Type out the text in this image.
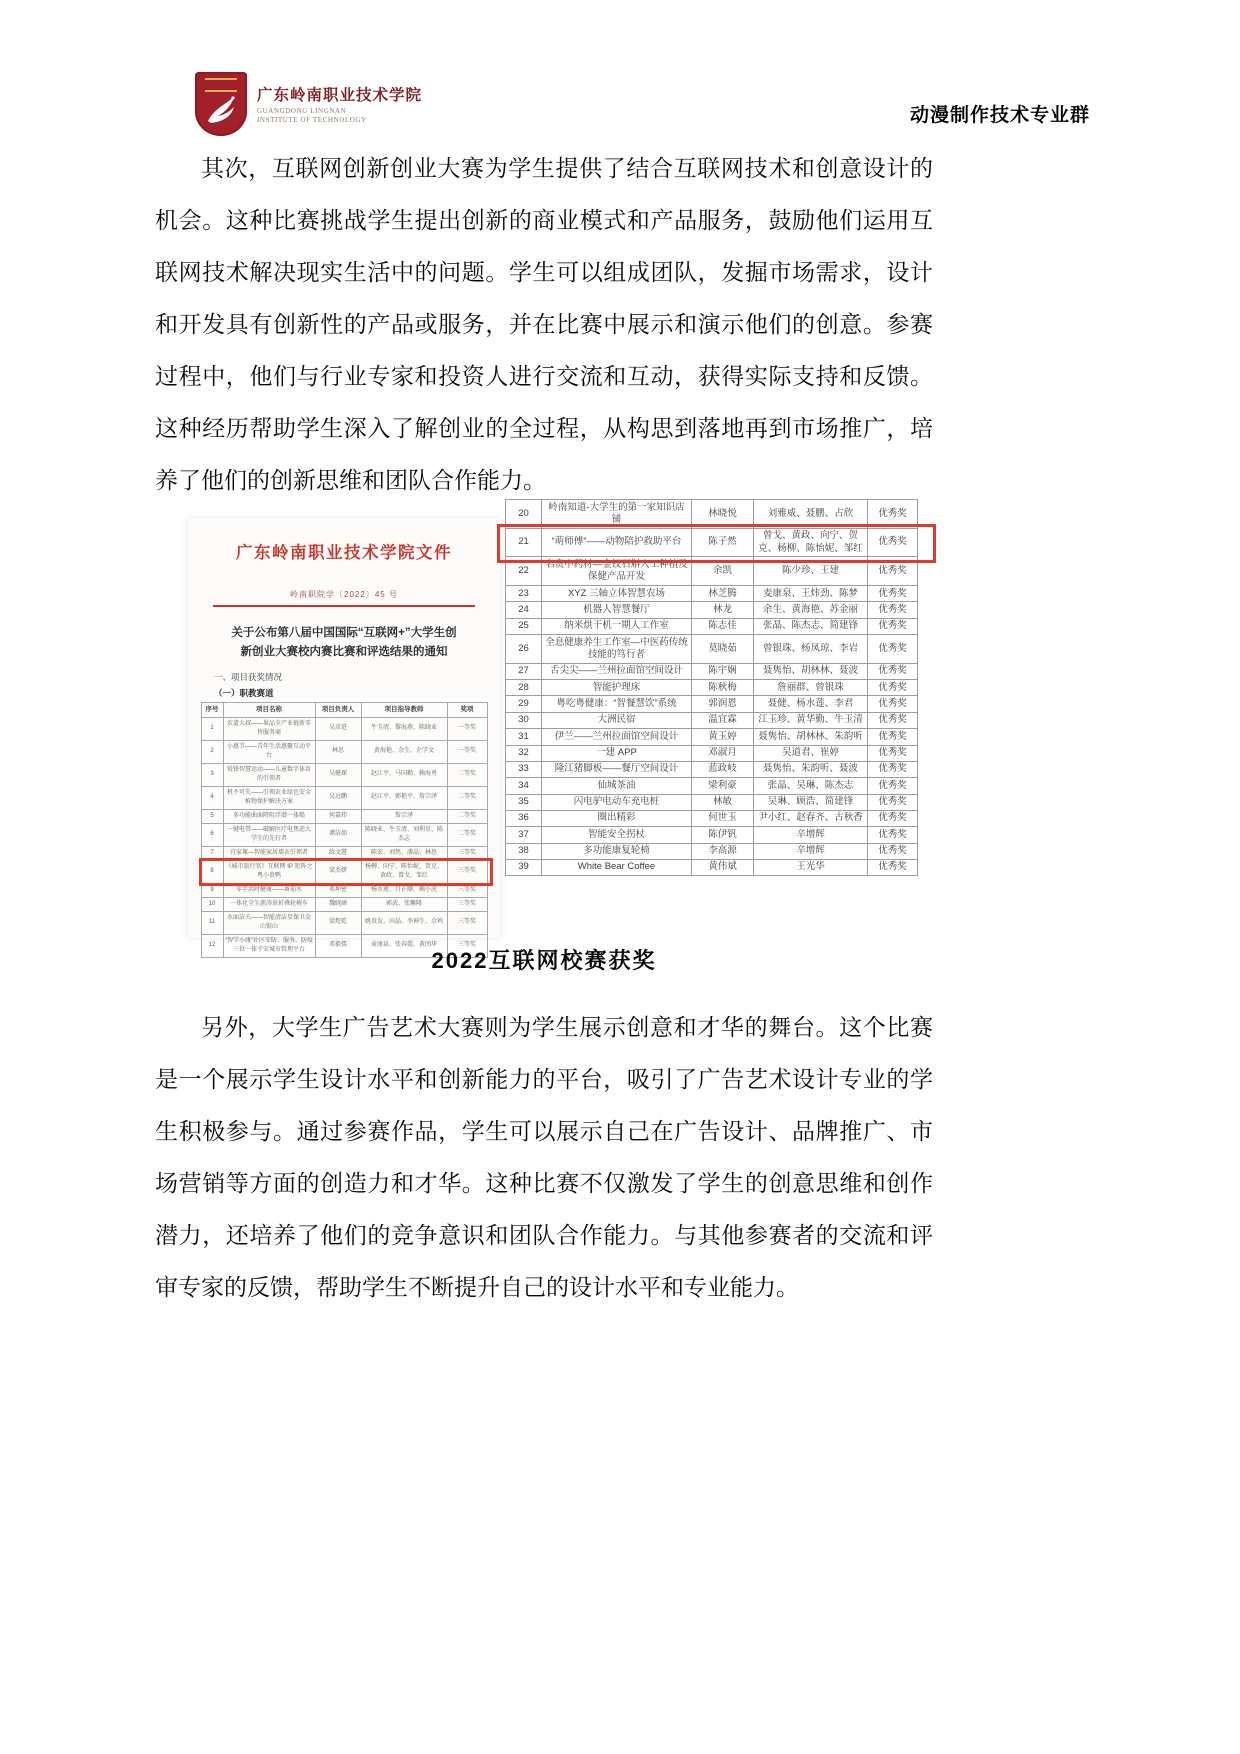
广东岭南职业技术学院
GUANGDONG LINGNAN
INSTITUTE OF TECHNOLOGY	动漫制作技术专业群
其次，互联网创新创业大赛为学生提供了结合互联网技术和创意设计的机会。这种比赛挑战学生提出创新的商业模式和产品服务，鼓励他们运用互联网技术解决现实生活中的问题。学生可以组成团队，发掘市场需求，设计和开发具有创新性的产品或服务，并在比赛中展示和演示他们的创意。参赛过程中，他们与行业专家和投资人进行交流和互动，获得实际支持和反馈。这种经历帮助学生深入了解创业的全过程，从构思到落地再到市场推广，培养了他们的创新思维和团队合作能力。
广东岭南职业技术学院文件
岭南职院学〔2022〕45 号
关于公布第八届中国国际“互联网+”大学生创
新创业大赛校内赛比赛和评选结果的通知
一、项目获奖情况
（一）职教赛道
序号	项目名称	项目负责人	项目指导教师	奖项
1	农道大叔——果品全产业链新零售服务商	吴彦进	牛玉清、黎海燕、陈晓业	一等奖
2	小惠节——青年生活惠聚互动平台	林思	黄海艳、余生、企学文	一等奖
3	锐锋智慧运动——儿童数字体育的引领者	吴健琛	赵江平、马国勤、赖海勇	二等奖
4	机不可失——引领农业绿色安全植物保护解决方案	吴远鹏	赵江平、郭艳平、詹宗泽	二等奖
5	多功能曲面降阻浮潜一体船	何嘉炜	詹宗泽	二等奖
6	一键电带——破解医疗电焦虑大学生的先行者	谭洁如	陈晓业、牛玉清、刘利星、陈杰志	二等奖
7	宜家塚—智能家居墙衣引领者	练文慧	陈宏、刘隽、潘晶、林思	三等奖
8	《城市旅行官》互联网 IP 矩阵之粤小贵鸭	梁杰妍	杨柳、向宁、陈怡妮、贺克、黄政、曾戈、邹红	三等奖
9	零字活时健康——番茄水	邓坤密	杨水莲、月正顺、赖小虎	三等奖
10	一体化全生涯涛景折叠轮椅车	魏晓涵	郭武、张馨隆	三等奖
11	水面洁夫——智能清洁星保卫金山银山	梁煜乾	姚贵发、田晶、李神生、佘鸡	三等奖
12	“智学小康”社区安防、服务、防疫三位一体平安城市管理平台	邓毅儒	麦康泉、张春霞、黄闰华	三等奖
20	岭南知道-大学生的第一家知识店铺	林晓悦	刘雅威、聂鹏、占欣	优秀奖
21	“萌师傅”——动物陪护救助平台	陈子然	曾戈、黄政、向宁、贺克、杨柳、陈怡妮、邹红	优秀奖
22	名贵中药材—金钗石斛人工种植及保健产品开发	余凯	陈少珍、王建	优秀奖
23	XYZ 三轴立体智慧农场	林芝腾	麦康泉、王炜劲、陈梦	优秀奖
24	机器人智慧餐厅	林龙	余生、黄海艳、苏金丽	优秀奖
25	纳米烘干机一期人工作室	陈志佳	张晶、陈杰志、简建锋	优秀奖
26	全息健康养生工作室—中医药传统技能的笃行者	莫晓茹	曾银珠、杨凤琼、李岩	优秀奖
27	舌尖尖——兰州拉面馆空间设计	陈宇娴	聂隽怡、胡林林、聂波	优秀奖
28	智能护理床	陈秋梅	詹丽群、曾银珠	优秀奖
29	粤吃粤健康：“智餐慧饮”系统	郭润恩	聂健、杨水莲、李君	优秀奖
30	大洲民宿	温宜霖	江玉珍、黄华勤、牛玉清	优秀奖
31	伊兰——兰州拉面馆空间设计	黄玉婷	聂隽怡、胡林林、朱韵听	优秀奖
32	一建 APP	邓淑月	吴道君、崔婷	优秀奖
33	隆江猪脚板——餐厅空间设计	蓝政岐	聂隽怡、朱韵听、聂波	优秀奖
34	仙城茶油	梁利豪	张晶、吴琳、陈杰志	优秀奖
35	闪电驴电动车充电桩	林敏	吴琳、顾浩、简建锋	优秀奖
36	圈出精彩	何世玉	尹小红、赵春齐、古秋香	优秀奖
37	智能安全拐杖	陈伊钒	辛增辉	优秀奖
38	多功能康复轮椅	李高源	辛增辉	优秀奖
39	White Bear Coffee	黄伟斌	王光华	优秀奖
2022互联网校赛获奖
另外，大学生广告艺术大赛则为学生展示创意和才华的舞台。这个比赛是一个展示学生设计水平和创新能力的平台，吸引了广告艺术设计专业的学生积极参与。通过参赛作品，学生可以展示自己在广告设计、品牌推广、市场营销等方面的创造力和才华。这种比赛不仅激发了学生的创意思维和创作潜力，还培养了他们的竞争意识和团队合作能力。与其他参赛者的交流和评审专家的反馈，帮助学生不断提升自己的设计水平和专业能力。
